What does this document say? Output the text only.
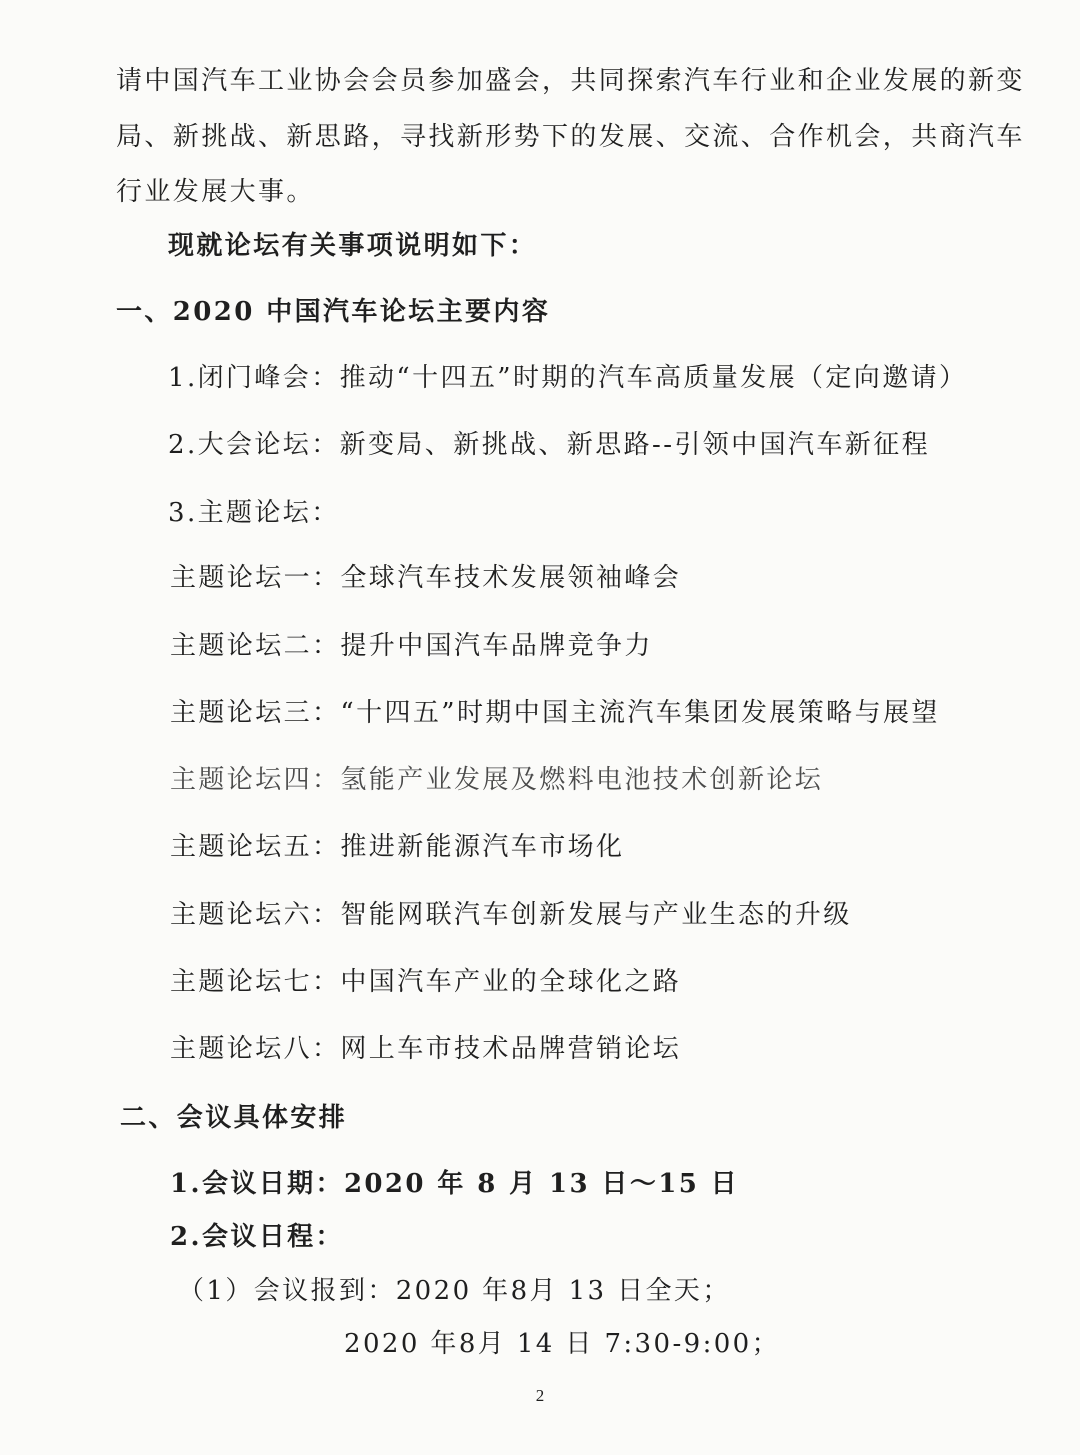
请中国汽车工业协会会员参加盛会，共同探索汽车行业和企业发展的新变
局、新挑战、新思路，寻找新形势下的发展、交流、合作机会，共商汽车
行业发展大事。
现就论坛有关事项说明如下：
一、2020 中国汽车论坛主要内容
1.闭门峰会：推动“十四五”时期的汽车高质量发展（定向邀请）
2.大会论坛：新变局、新挑战、新思路--引领中国汽车新征程
3.主题论坛：
主题论坛一：全球汽车技术发展领袖峰会
主题论坛二：提升中国汽车品牌竞争力
主题论坛三：“十四五”时期中国主流汽车集团发展策略与展望
主题论坛四：氢能产业发展及燃料电池技术创新论坛
主题论坛五：推进新能源汽车市场化
主题论坛六：智能网联汽车创新发展与产业生态的升级
主题论坛七：中国汽车产业的全球化之路
主题论坛八：网上车市技术品牌营销论坛
二、会议具体安排
1.会议日期：2020 年 8 月 13 日～15 日
2.会议日程：
（1）会议报到：2020 年8月 13 日全天；
2020 年8月 14 日 7:30-9:00；
2
